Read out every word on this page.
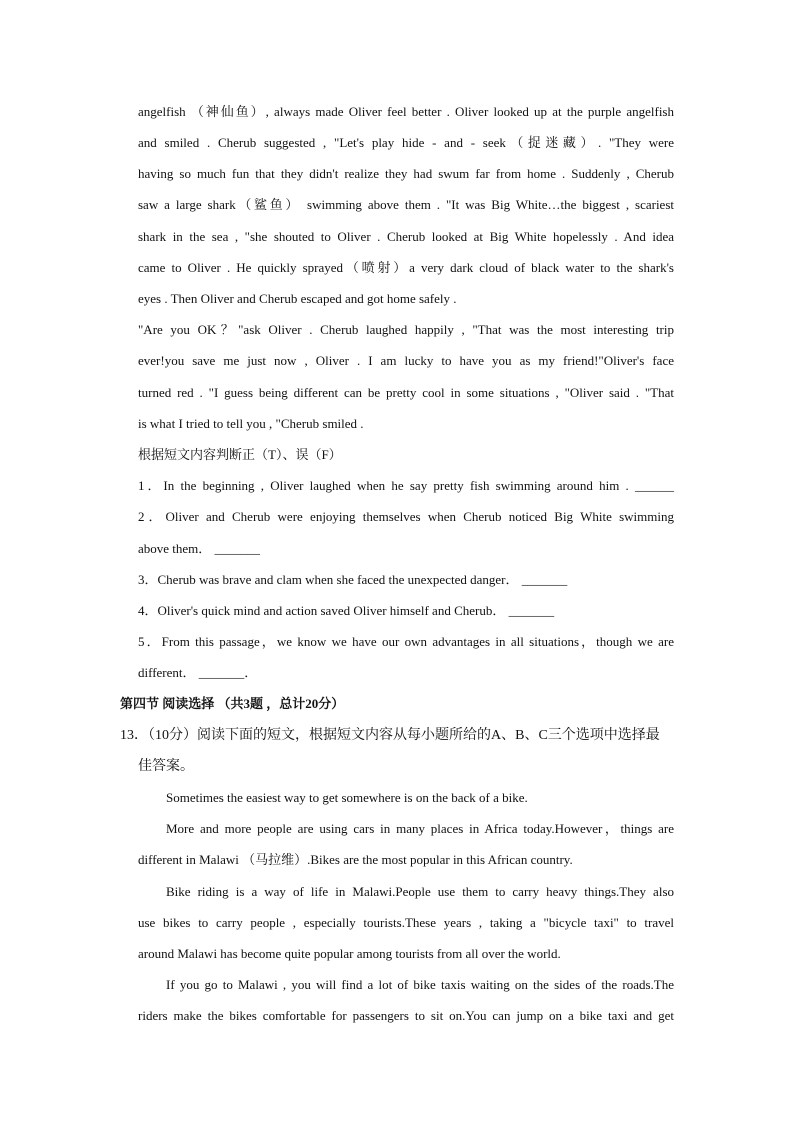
angelfish （神仙鱼）, always made Oliver feel better . Oliver looked up at the purple angelfish
and smiled . Cherub suggested , "Let's play hide - and - seek（捉迷藏）. "They were
having so much fun that they didn't realize they had swum far from home . Suddenly , Cherub
saw a large shark（鲨鱼） swimming above them . "It was Big White…the biggest , scariest
shark in the sea , "she shouted to Oliver . Cherub looked at Big White hopelessly . And idea
came to Oliver . He quickly sprayed（喷射）a very dark cloud of black water to the shark's
eyes . Then Oliver and Cherub escaped and got home safely .
"Are you OK？"ask Oliver . Cherub laughed happily , "That was the most interesting trip
ever!you save me just now , Oliver . I am lucky to have you as my friend!"Oliver's face
turned red . "I guess being different can be pretty cool in some situations , "Oliver said . "That
is what I tried to tell you , "Cherub smiled .
根据短文内容判断正（T）、误（F）
1．In the beginning , Oliver laughed when he say pretty fish swimming around him . ______
2．Oliver and Cherub were enjoying themselves when Cherub noticed Big White swimming
above them． _______
3．Cherub was brave and clam when she faced the unexpected danger． _______
4．Oliver's quick mind and action saved Oliver himself and Cherub． _______
5．From this passage，we know we have our own advantages in all situations，though we are
different． _______．
第四节 阅读选择 （共3题 ，总计20分）
13．（10分）阅读下面的短文，根据短文内容从每小题所给的A、B、C三个选项中选择最
佳答案。
Sometimes the easiest way to get somewhere is on the back of a bike.
More and more people are using cars in many places in Africa today.However，things are
different in Malawi （马拉维）.Bikes are the most popular in this African country.
Bike riding is a way of life in Malawi.People use them to carry heavy things.They also
use bikes to carry people , especially tourists.These years , taking a "bicycle taxi" to travel
around Malawi has become quite popular among tourists from all over the world.
If you go to Malawi , you will find a lot of bike taxis waiting on the sides of the roads.The
riders make the bikes comfortable for passengers to sit on.You can jump on a bike taxi and get
